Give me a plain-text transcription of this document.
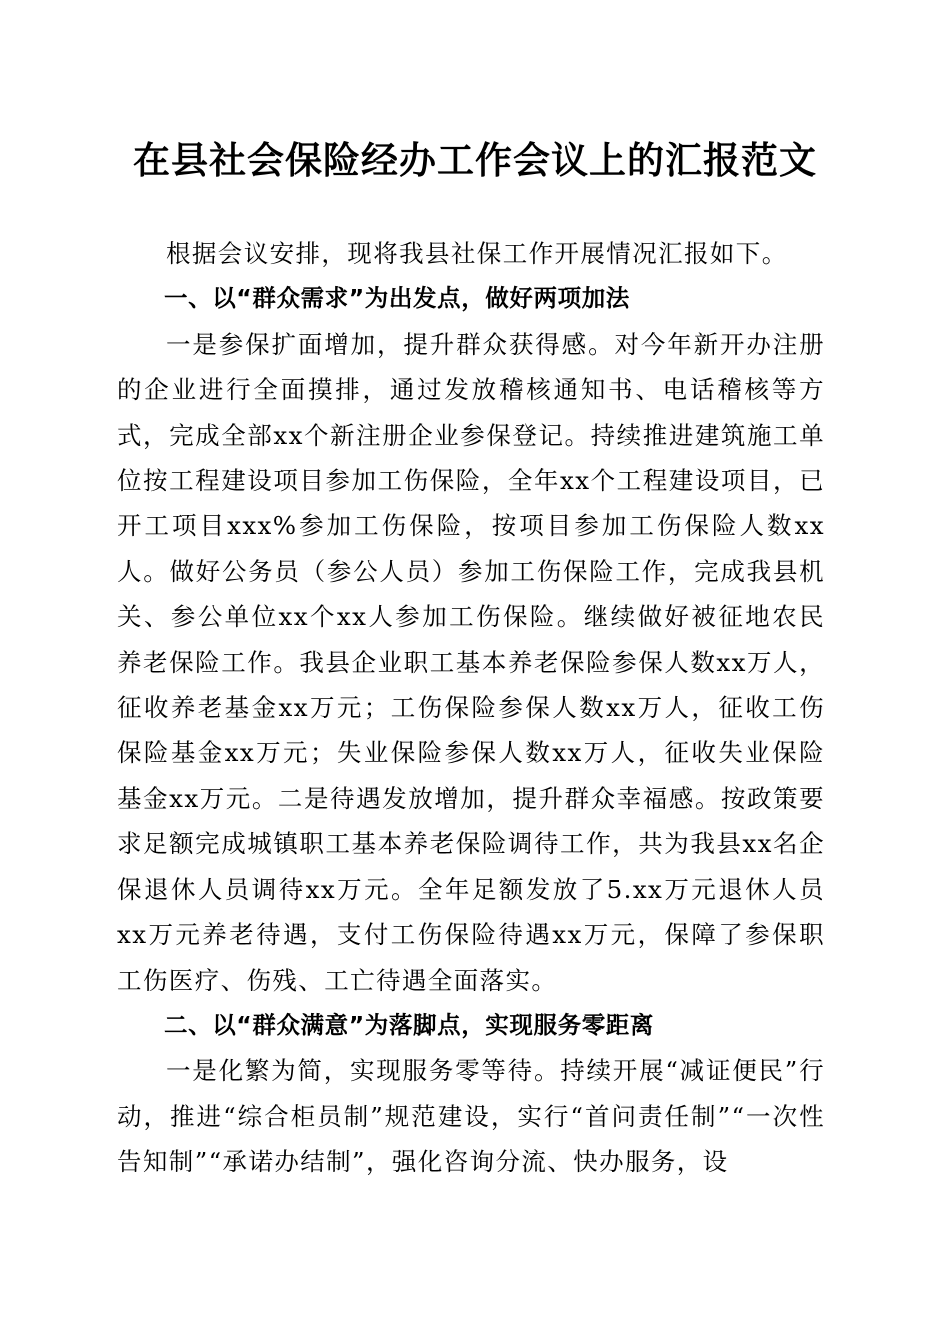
在县社会保险经办工作会议上的汇报范文

根据会议安排，现将我县社保工作开展情况汇报如下。

一、以“群众需求”为出发点，做好两项加法

一是参保扩面增加，提升群众获得感。对今年新开办注册的企业进行全面摸排，通过发放稽核通知书、电话稽核等方式，完成全部xx个新注册企业参保登记。持续推进建筑施工单位按工程建设项目参加工伤保险，全年xx个工程建设项目，已开工项目xxx%参加工伤保险，按项目参加工伤保险人数xx人。做好公务员（参公人员）参加工伤保险工作，完成我县机关、参公单位xx个xx人参加工伤保险。继续做好被征地农民养老保险工作。我县企业职工基本养老保险参保人数xx万人，征收养老基金xx万元；工伤保险参保人数xx万人，征收工伤保险基金xx万元；失业保险参保人数xx万人，征收失业保险基金xx万元。二是待遇发放增加，提升群众幸福感。按政策要求足额完成城镇职工基本养老保险调待工作，共为我县xx名企保退休人员调待xx万元。全年足额发放了5.xx万元退休人员xx万元养老待遇，支付工伤保险待遇xx万元，保障了参保职工伤医疗、伤残、工亡待遇全面落实。

二、以“群众满意”为落脚点，实现服务零距离

一是化繁为简，实现服务零等待。持续开展“减证便民”行动，推进“综合柜员制”规范建设，实行“首问责任制”“一次性告知制”“承诺办结制”，强化咨询分流、快办服务，设
